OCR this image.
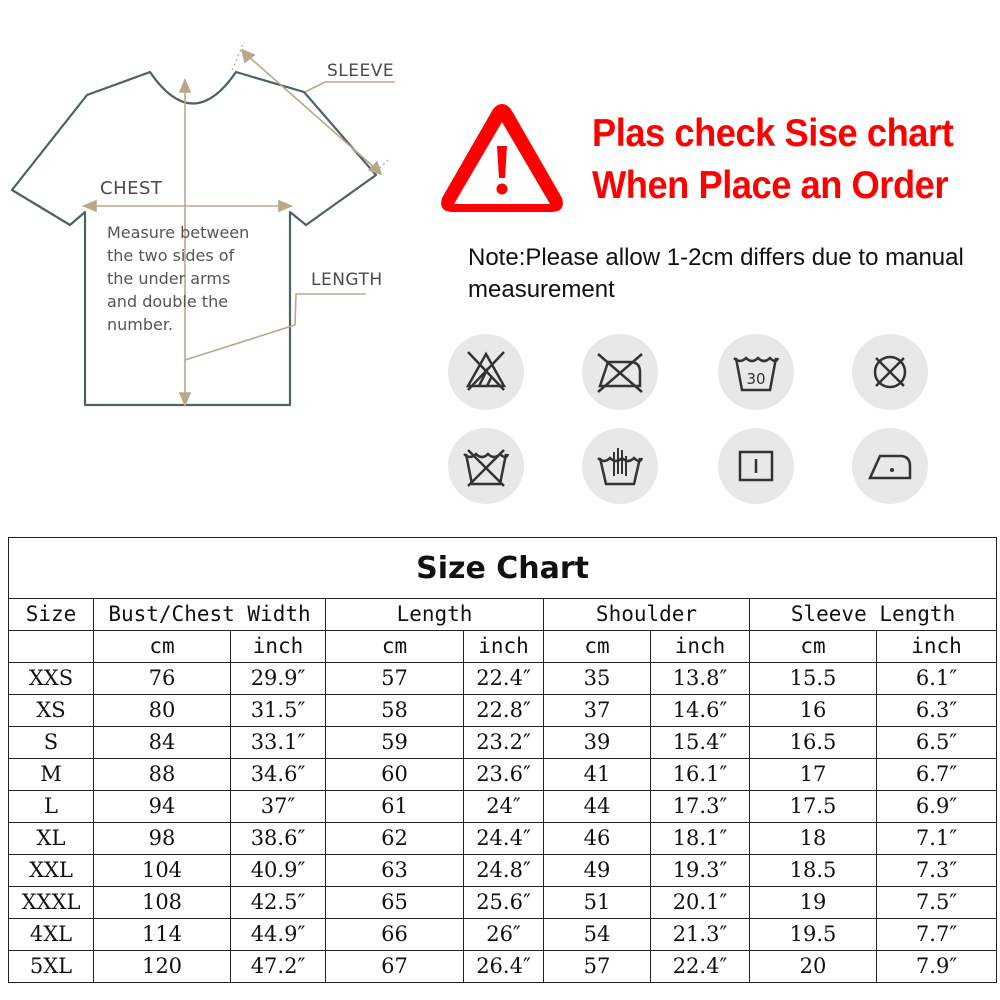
SLEEVE
CHEST
LENGTH
Measure between
the two sides of
the under arms
and double the
number.
Plas check Sise chart
When Place an Order
Note:Please allow 1-2cm differs due to manual measurement
30
Size Chart								
Size	Bust/Chest Width		Length		Shoulder		Sleeve Length	
	cm	inch	cm	inch	cm	inch	cm	inch
XXS	76	29.9″	57	22.4″	35	13.8″	15.5	6.1″
XS	80	31.5″	58	22.8″	37	14.6″	16	6.3″
S	84	33.1″	59	23.2″	39	15.4″	16.5	6.5″
M	88	34.6″	60	23.6″	41	16.1″	17	6.7″
L	94	37″	61	24″	44	17.3″	17.5	6.9″
XL	98	38.6″	62	24.4″	46	18.1″	18	7.1″
XXL	104	40.9″	63	24.8″	49	19.3″	18.5	7.3″
XXXL	108	42.5″	65	25.6″	51	20.1″	19	7.5″
4XL	114	44.9″	66	26″	54	21.3″	19.5	7.7″
5XL	120	47.2″	67	26.4″	57	22.4″	20	7.9″
